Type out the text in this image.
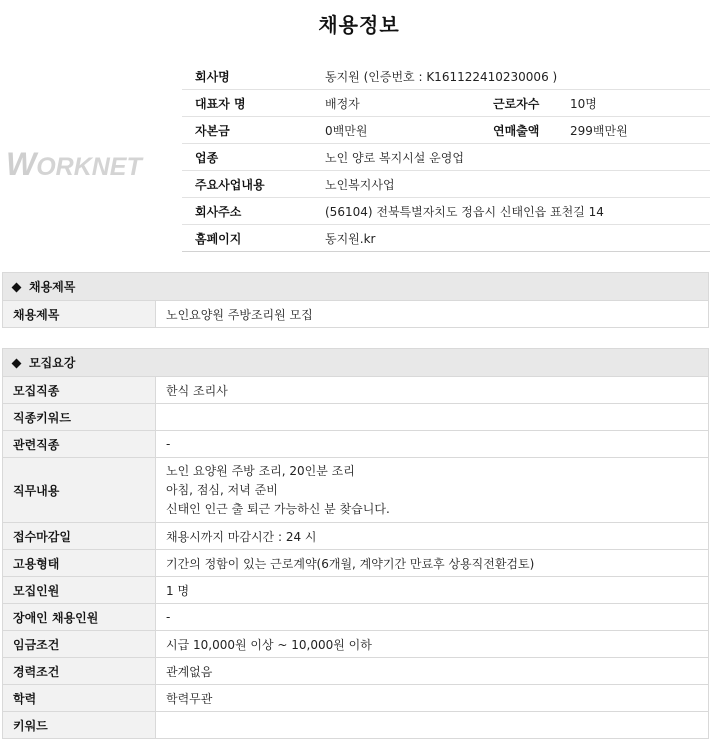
채용정보
WORKNET
회사명	동지원 (인증번호 : K161122410230006 )		
대표자 명	배정자	근로자수	10명
자본금	0백만원	연매출액	299백만원
업종	노인 양로 복지시설 운영업		
주요사업내용	노인복지사업		
회사주소	(56104) 전북특별자치도 정읍시 신태인읍 표천길 14		
홈페이지	동지원.kr		
채용제목
채용제목	노인요양원 주방조리원 모집
모집요강	
모집직종	한식 조리사
직종키워드	
관련직종	-
직무내용	노인 요양원 주방 조리, 20인분 조리
아침, 점심, 저녁 준비
신태인 인근 출 퇴근 가능하신 분 찾습니다.

접수마감일	채용시까지 마감시간 : 24 시
고용형태	기간의 정함이 있는 근로계약(6개월, 계약기간 만료후 상용직전환검토)
모집인원	1 명
장애인 채용인원	-
임금조건	시급 10,000원 이상 ~ 10,000원 이하
경력조건	관계없음
학력	학력무관
키워드	
